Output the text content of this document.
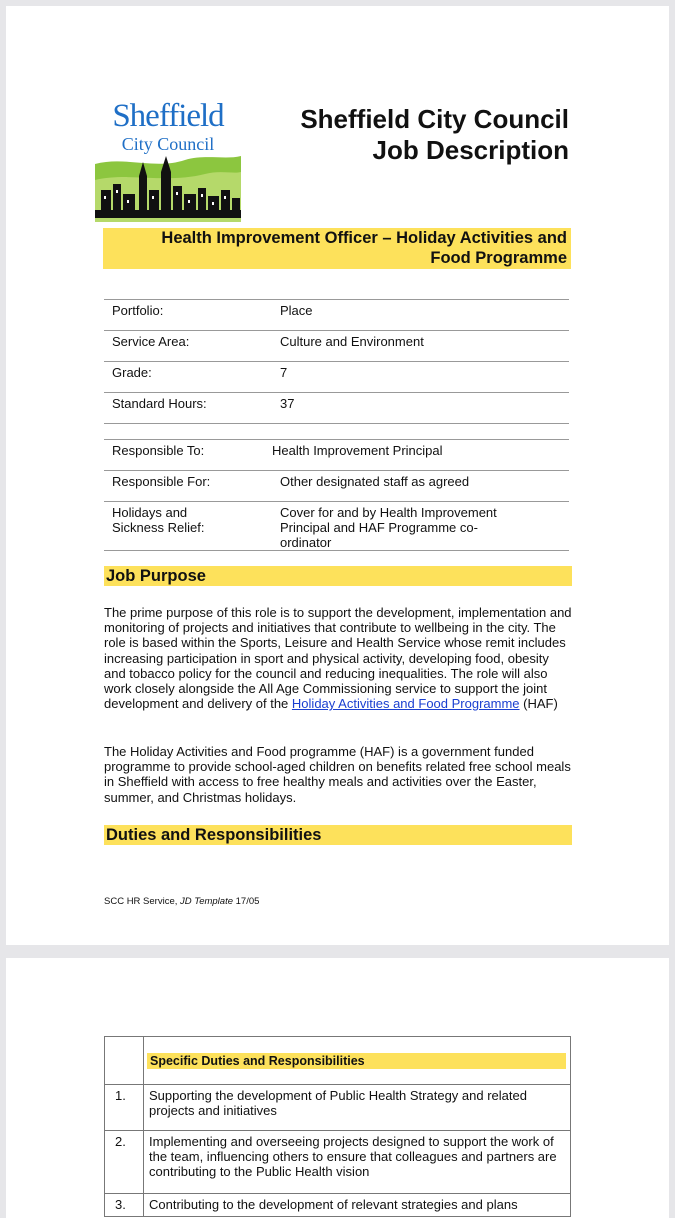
Sheffield
City Council
Sheffield City Council
Job Description
Health Improvement Officer – Holiday Activities and
Food Programme
Portfolio:	Place
Service Area:	Culture and Environment
Grade:	7
Standard Hours:	37
Responsible To:	Health Improvement Principal
Responsible For:	Other designated staff as agreed

Holidays and Sickness Relief:	Cover for and by Health Improvement Principal and HAF Programme co-ordinator
Job Purpose
The prime purpose of this role is to support the development, implementation and monitoring of projects and initiatives that contribute to wellbeing in the city. The role is based within the Sports, Leisure and Health Service whose remit includes increasing participation in sport and physical activity, developing food, obesity and tobacco policy for the council and reducing inequalities. The role will also work closely alongside the All Age Commissioning service to support the joint development and delivery of the Holiday Activities and Food Programme (HAF)
The Holiday Activities and Food programme (HAF) is a government funded programme to provide school-aged children on benefits related free school meals in Sheffield with access to free healthy meals and activities over the Easter, summer, and Christmas holidays.
Duties and Responsibilities
SCC HR Service, JD Template 17/05

	Specific Duties and Responsibilities

1.	Supporting the development of Public Health Strategy and related projects and initiatives
2.	Implementing and overseeing projects designed to support the work of the team, influencing others to ensure that colleagues and partners are contributing to the Public Health vision
3.	Contributing to the development of relevant strategies and plans
